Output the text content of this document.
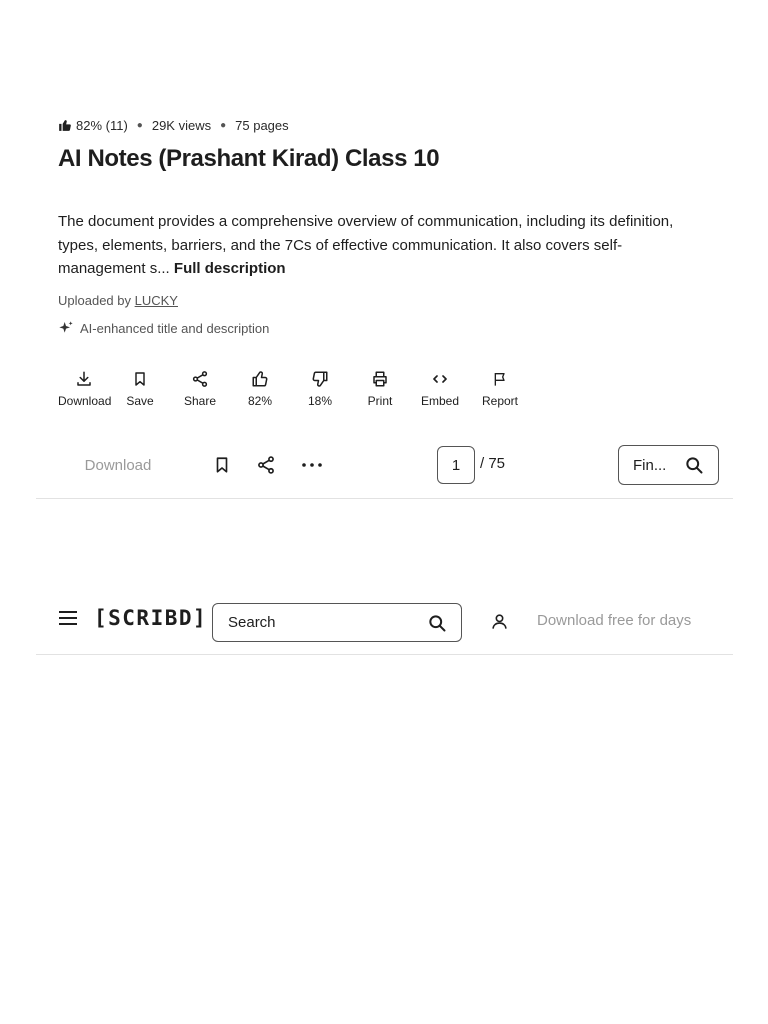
82% (11) ● 29K views ● 75 pages
AI Notes (Prashant Kirad) Class 10

The document provides a comprehensive overview of communication, including its definition, types, elements, barriers, and the 7Cs of effective communication. It also covers self-management s... Full description

Uploaded by LUCKY
AI-enhanced title and description
Download Save	Share	82%	18%	Print Embed Report
Download	1	/ 75	Fin...
[SCRIBD] Search	Download free for days
